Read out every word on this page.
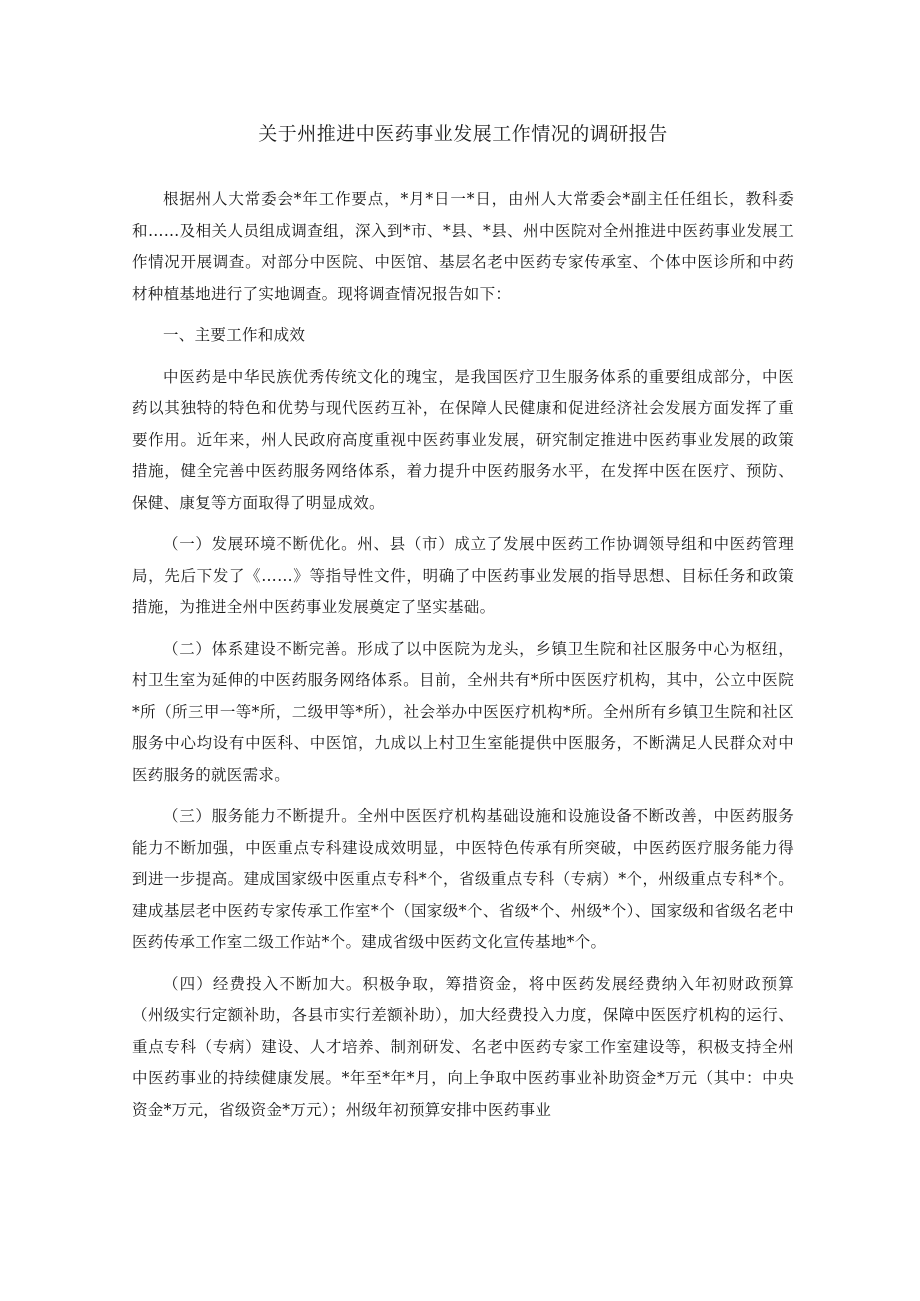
关于州推进中医药事业发展工作情况的调研报告

根据州人大常委会*年工作要点，*月*日一*日，由州人大常委会*副主任任组长，教科委和……及相关人员组成调查组，深入到*市、*县、*县、州中医院对全州推进中医药事业发展工作情况开展调查。对部分中医院、中医馆、基层名老中医药专家传承室、个体中医诊所和中药材种植基地进行了实地调查。现将调查情况报告如下：

一、主要工作和成效

中医药是中华民族优秀传统文化的瑰宝，是我国医疗卫生服务体系的重要组成部分，中医药以其独特的特色和优势与现代医药互补，在保障人民健康和促进经济社会发展方面发挥了重要作用。近年来，州人民政府高度重视中医药事业发展，研究制定推进中医药事业发展的政策措施，健全完善中医药服务网络体系，着力提升中医药服务水平，在发挥中医在医疗、预防、保健、康复等方面取得了明显成效。

（一）发展环境不断优化。州、县（市）成立了发展中医药工作协调领导组和中医药管理局，先后下发了《……》等指导性文件，明确了中医药事业发展的指导思想、目标任务和政策措施，为推进全州中医药事业发展奠定了坚实基础。

（二）体系建设不断完善。形成了以中医院为龙头，乡镇卫生院和社区服务中心为枢纽，村卫生室为延伸的中医药服务网络体系。目前，全州共有*所中医医疗机构，其中，公立中医院*所（所三甲一等*所，二级甲等*所），社会举办中医医疗机构*所。全州所有乡镇卫生院和社区服务中心均设有中医科、中医馆，九成以上村卫生室能提供中医服务，不断满足人民群众对中医药服务的就医需求。

（三）服务能力不断提升。全州中医医疗机构基础设施和设施设备不断改善，中医药服务能力不断加强，中医重点专科建设成效明显，中医特色传承有所突破，中医药医疗服务能力得到进一步提高。建成国家级中医重点专科*个，省级重点专科（专病）*个，州级重点专科*个。建成基层老中医药专家传承工作室*个（国家级*个、省级*个、州级*个）、国家级和省级名老中医药传承工作室二级工作站*个。建成省级中医药文化宣传基地*个。

（四）经费投入不断加大。积极争取，筹措资金，将中医药发展经费纳入年初财政预算（州级实行定额补助，各县市实行差额补助），加大经费投入力度，保障中医医疗机构的运行、重点专科（专病）建设、人才培养、制剂研发、名老中医药专家工作室建设等，积极支持全州中医药事业的持续健康发展。*年至*年*月，向上争取中医药事业补助资金*万元（其中：中央资金*万元，省级资金*万元）；州级年初预算安排中医药事业
